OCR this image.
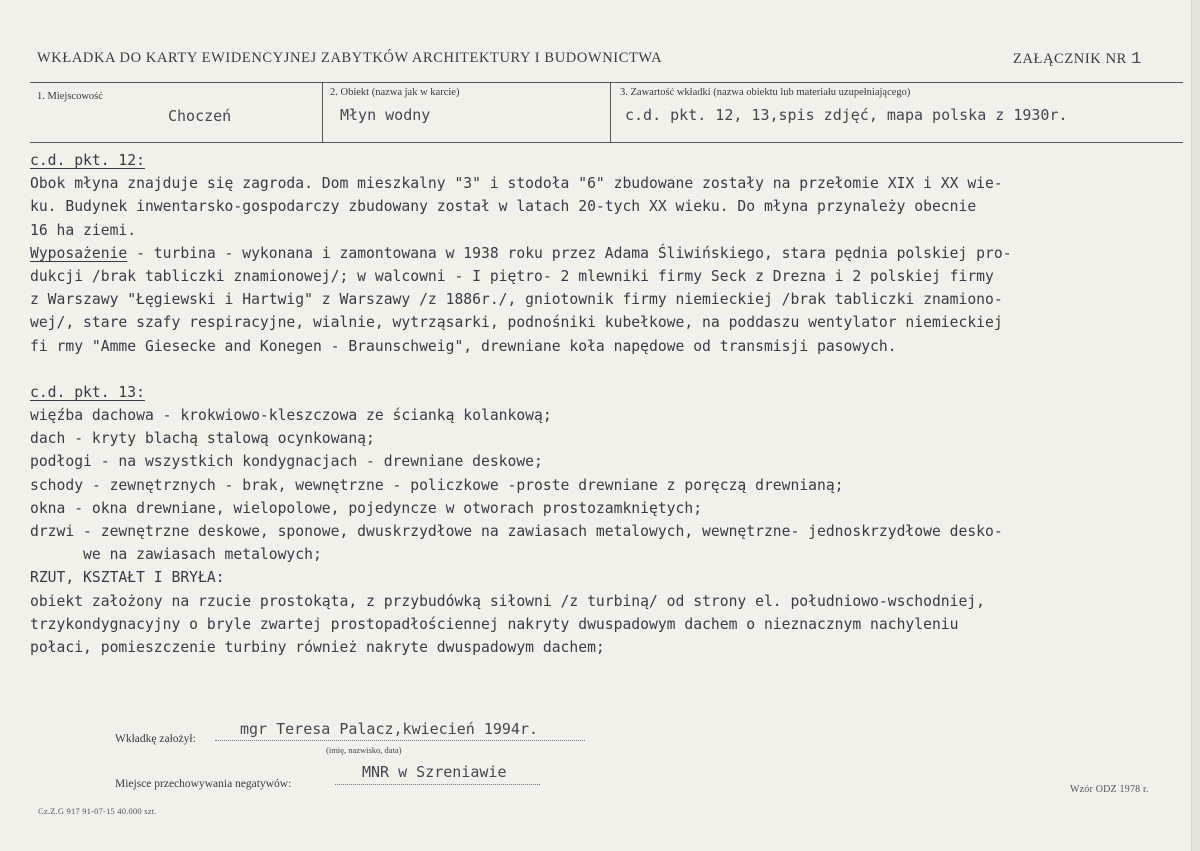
WKŁADKA DO KARTY EWIDENCYJNEJ ZABYTKÓW ARCHITEKTURY I BUDOWNICTWA	ZAŁĄCZNIK NR 1
1. Miejscowość
Choczeń
2. Obiekt (nazwa jak w karcie)
Młyn wodny
3. Zawartość wkładki (nazwa obiektu lub materiału uzupełniającego)
c.d. pkt. 12, 13,spis zdjęć, mapa polska z 1930r.
c.d. pkt. 12:
Obok młyna znajduje się zagroda. Dom mieszkalny "3" i stodoła "6" zbudowane zostały na przełomie XIX i XX wie-
ku. Budynek inwentarsko-gospodarczy zbudowany został w latach 20-tych XX wieku. Do młyna przynależy obecnie
16 ha ziemi.
Wyposażenie - turbina - wykonana i zamontowana w 1938 roku przez Adama Śliwińskiego, stara pędnia polskiej pro-
dukcji /brak tabliczki znamionowej/; w walcowni - I piętro- 2 mlewniki firmy Seck z Drezna i 2 polskiej firmy
z Warszawy "Łęgiewski i Hartwig" z Warszawy /z 1886r./, gniotownik firmy niemieckiej /brak tabliczki znamiono-
wej/, stare szafy respiracyjne, wialnie, wytrząsarki, podnośniki kubełkowe, na poddaszu wentylator niemieckiej
fi rmy "Amme Giesecke and Konegen - Braunschweig", drewniane koła napędowe od transmisji pasowych.
c.d. pkt. 13:
więźba dachowa - krokwiowo-kleszczowa ze ścianką kolankową;
dach - kryty blachą stalową ocynkowaną;
podłogi - na wszystkich kondygnacjach - drewniane deskowe;
schody - zewnętrznych - brak, wewnętrzne - policzkowe -proste drewniane z poręczą drewnianą;
okna - okna drewniane, wielopolowe, pojedyncze w otworach prostozamkniętych;
drzwi - zewnętrzne deskowe, sponowe, dwuskrzydłowe na zawiasach metalowych, wewnętrzne- jednoskrzydłowe desko-
we na zawiasach metalowych;
RZUT, KSZTAŁT I BRYŁA:
obiekt założony na rzucie prostokąta, z przybudówką siłowni /z turbiną/ od strony el. południowo-wschodniej,
trzykondygnacyjny o bryle zwartej prostopadłościennej nakryty dwuspadowym dachem o nieznacznym nachyleniu
połaci, pomieszczenie turbiny również nakryte dwuspadowym dachem;
Wkładkę założył:
mgr Teresa Palacz,kwiecień 1994r.
(imię, nazwisko, data)
Miejsce przechowywania negatywów:
MNR w Szreniawie
Cz.Z.G 917 91-07-15 40.000 szt.
Wzór ODZ 1978 r.
